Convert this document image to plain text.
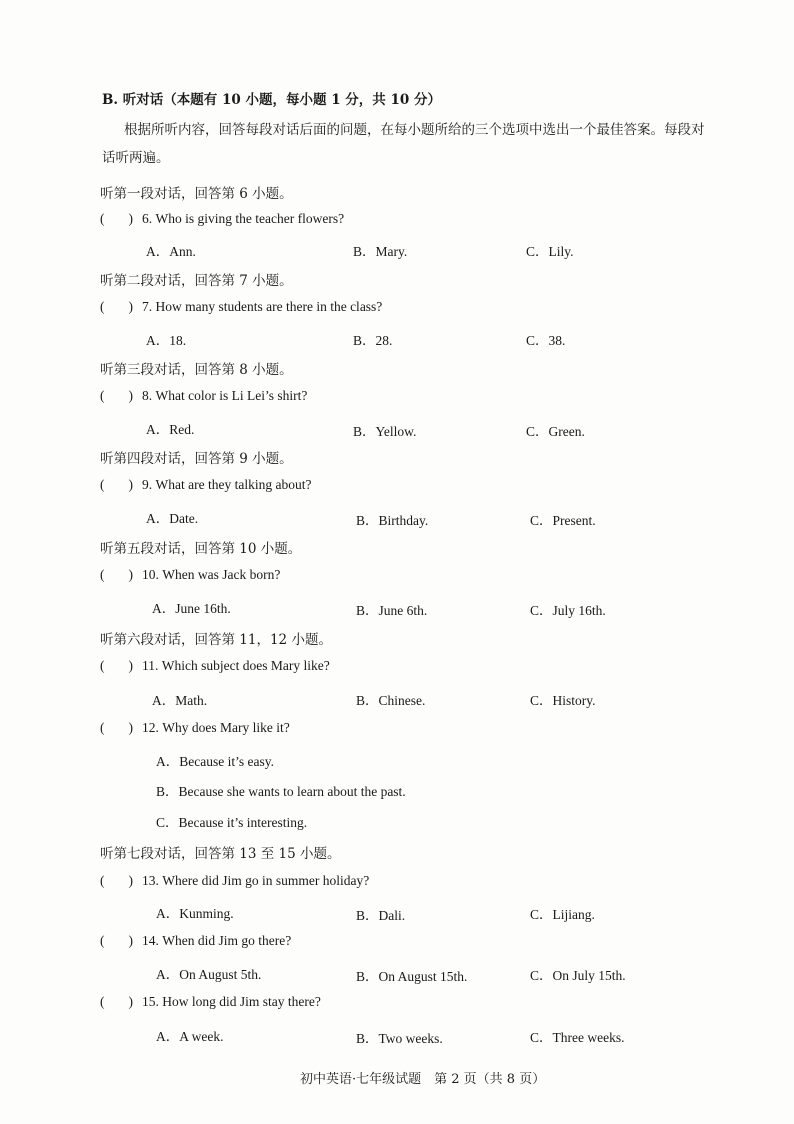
B. 听对话（本题有 10 小题，每小题 1 分，共 10 分）
根据所听内容，回答每段对话后面的问题，在每小题所给的三个选项中选出一个最佳答案。每段对话听两遍。
听第一段对话，回答第 6 小题。
( ) 6. Who is giving the teacher flowers?
A．Ann.	B．Mary.	C．Lily.
听第二段对话，回答第 7 小题。
( ) 7. How many students are there in the class?
A．18.	B．28.	C．38.
听第三段对话，回答第 8 小题。
( ) 8. What color is Li Lei’s shirt?
A．Red.	B．Yellow.	C．Green.
听第四段对话，回答第 9 小题。
( ) 9. What are they talking about?
A．Date.	B．Birthday.	C．Present.
听第五段对话，回答第 10 小题。
( ) 10. When was Jack born?
A．June 16th.	B．June 6th.	C．July 16th.
听第六段对话，回答第 11，12 小题。
( ) 11. Which subject does Mary like?
A．Math.	B．Chinese.	C．History.
( ) 12. Why does Mary like it?
A．Because it’s easy.
B．Because she wants to learn about the past.
C．Because it’s interesting.
听第七段对话，回答第 13 至 15 小题。
( ) 13. Where did Jim go in summer holiday?
A．Kunming.	B．Dali.	C．Lijiang.
( ) 14. When did Jim go there?
A．On August 5th.	B．On August 15th.	C．On July 15th.
( ) 15. How long did Jim stay there?
A．A week.	B．Two weeks.	C．Three weeks.
初中英语·七年级试题　第 2 页（共 8 页）
